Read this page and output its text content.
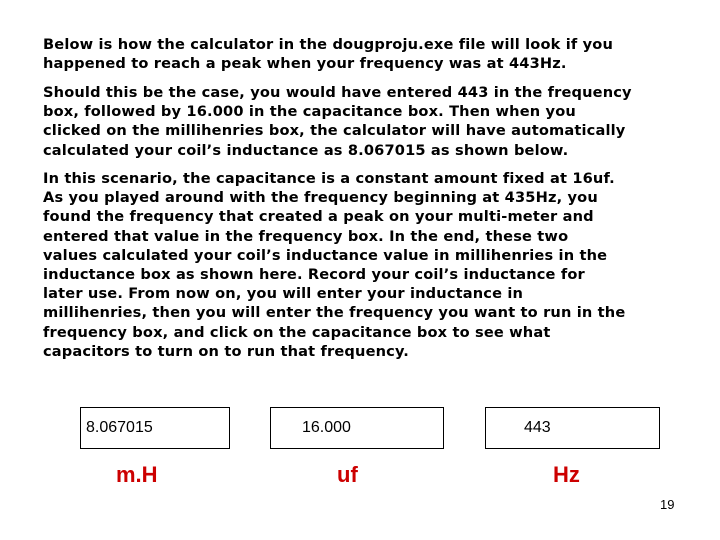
Below is how the calculator in the dougproju.exe file will look if you
happened to reach a peak when your frequency was at 443Hz.

Should this be the case, you would have entered 443 in the frequency
box, followed by 16.000 in the capacitance box. Then when you
clicked on the millihenries box, the calculator will have automatically
calculated your coil’s inductance as 8.067015 as shown below.

In this scenario, the capacitance is a constant amount fixed at 16uf.
As you played around with the frequency beginning at 435Hz, you
found the frequency that created a peak on your multi-meter and
entered that value in the frequency box. In the end, these two
values calculated your coil’s inductance value in millihenries in the
inductance box as shown here. Record your coil’s inductance for
later use. From now on, you will enter your inductance in
millihenries, then you will enter the frequency you want to run in the
frequency box, and click on the capacitance box to see what
capacitors to turn on to run that frequency.

8.067015	16.000	443
m.H	uf	Hz
19
